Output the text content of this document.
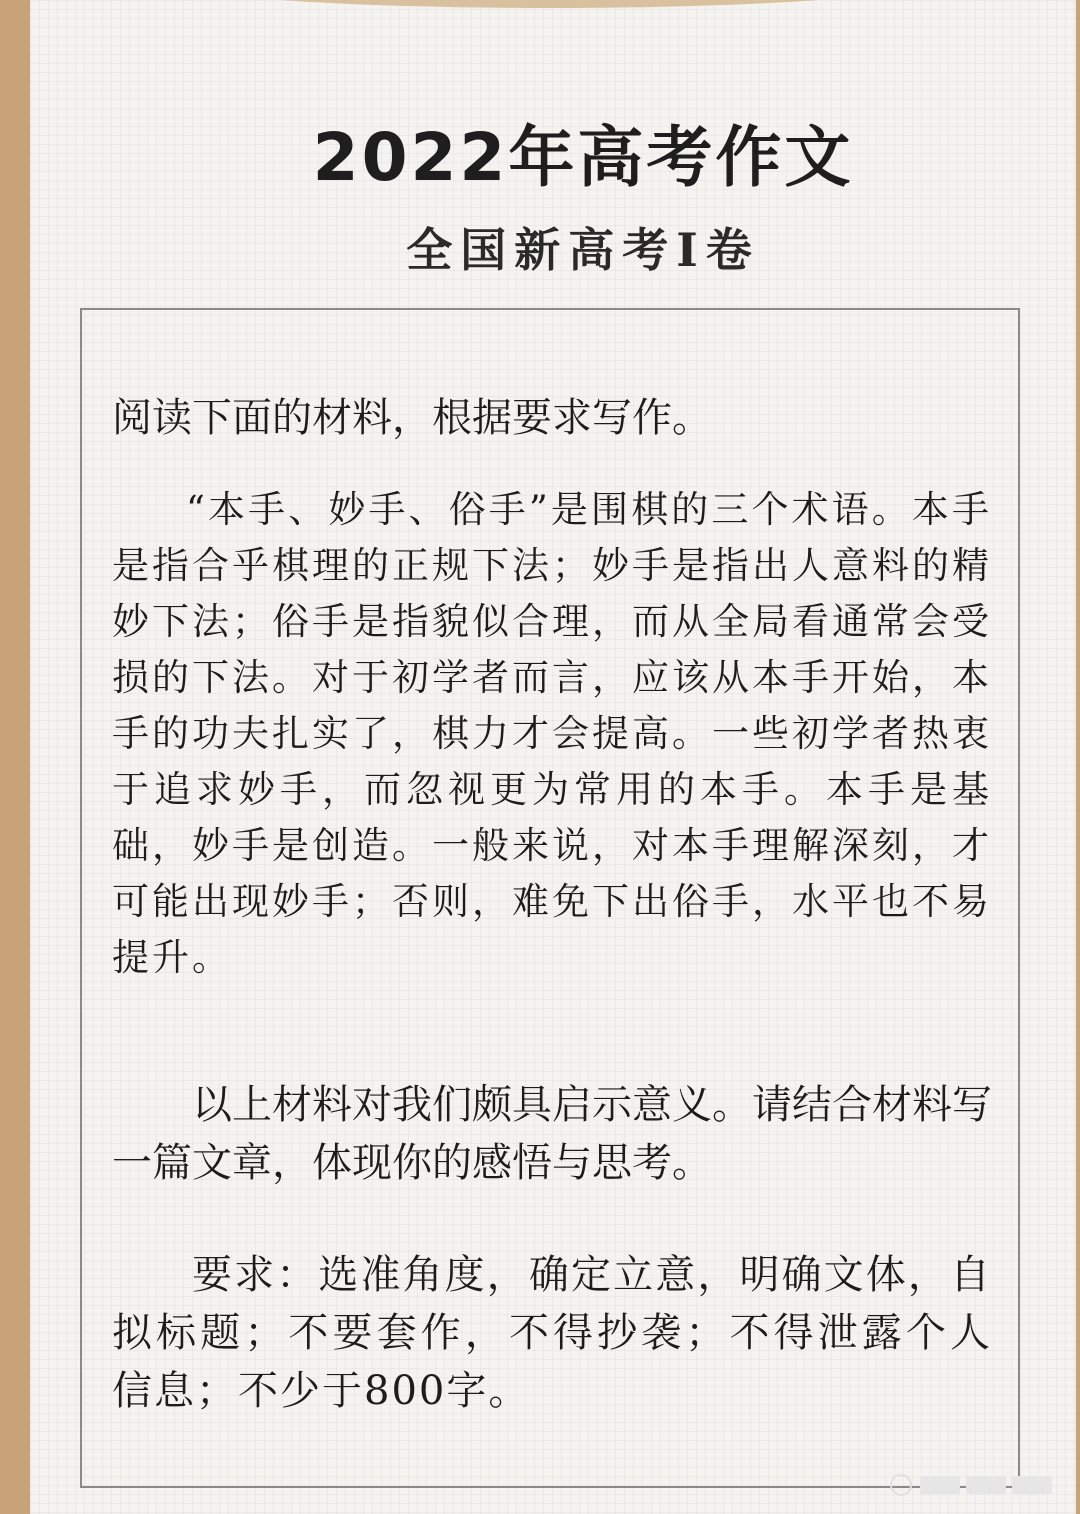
2022年高考作文
全国新高考Ⅰ卷

阅读下面的材料，根据要求写作。

“本手、妙手、俗手”是围棋的三个术语。本手是指合乎棋理的正规下法；妙手是指出人意料的精妙下法；俗手是指貌似合理，而从全局看通常会受损的下法。对于初学者而言，应该从本手开始，本手的功夫扎实了，棋力才会提高。一些初学者热衷于追求妙手，而忽视更为常用的本手。本手是基础，妙手是创造。一般来说，对本手理解深刻，才可能出现妙手；否则，难免下出俗手，水平也不易提升。

以上材料对我们颇具启示意义。请结合材料写一篇文章，体现你的感悟与思考。

要求：选准角度，确定立意，明确文体，自拟标题；不要套作，不得抄袭；不得泄露个人信息；不少于800字。
